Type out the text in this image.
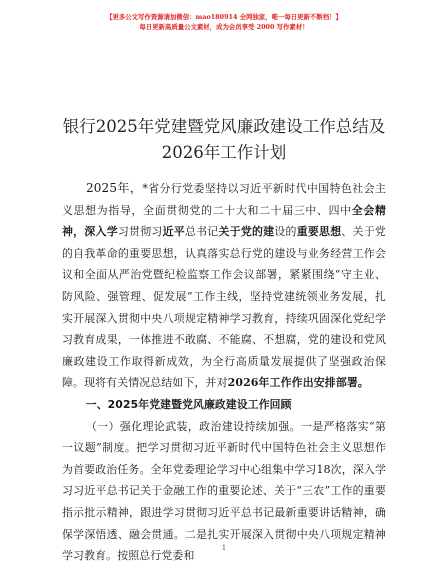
【更多公文写作资源请加微信：mao180914 全网独家，唯一每日更新不断档！】
每日更新高质量公文素材，成为会员享受 2000 写作素材！
银行2025年党建暨党风廉政建设工作总结及
2026年工作计划

2025年，*省分行党委坚持以习近平新时代中国特色社会主义思想为指导，全面贯彻党的二十大和二十届三中、四中全会精神，深入学习贯彻习近平总书记关于党的建设的重要思想、关于党的自我革命的重要思想，认真落实总行党的建设与业务经营工作会议和全面从严治党暨纪检监察工作会议部署，紧紧围绕“守主业、防风险、强管理、促发展”工作主线，坚持党建统领业务发展，扎实开展深入贯彻中央八项规定精神学习教育，持续巩固深化党纪学习教育成果，一体推进不敢腐、不能腐、不想腐，党的建设和党风廉政建设工作取得新成效，为全行高质量发展提供了坚强政治保障。现将有关情况总结如下，并对2026年工作作出安排部署。

一、2025年党建暨党风廉政建设工作回顾

（一）强化理论武装，政治建设持续加强。一是严格落实“第一议题”制度。把学习贯彻习近平新时代中国特色社会主义思想作为首要政治任务。全年党委理论学习中心组集中学习18次，深入学习习近平总书记关于金融工作的重要论述、关于“三农”工作的重要指示批示精神，跟进学习贯彻习近平总书记最新重要讲话精神，确保学深悟透、融会贯通。二是扎实开展深入贯彻中央八项规定精神学习教育。按照总行党委和

1
